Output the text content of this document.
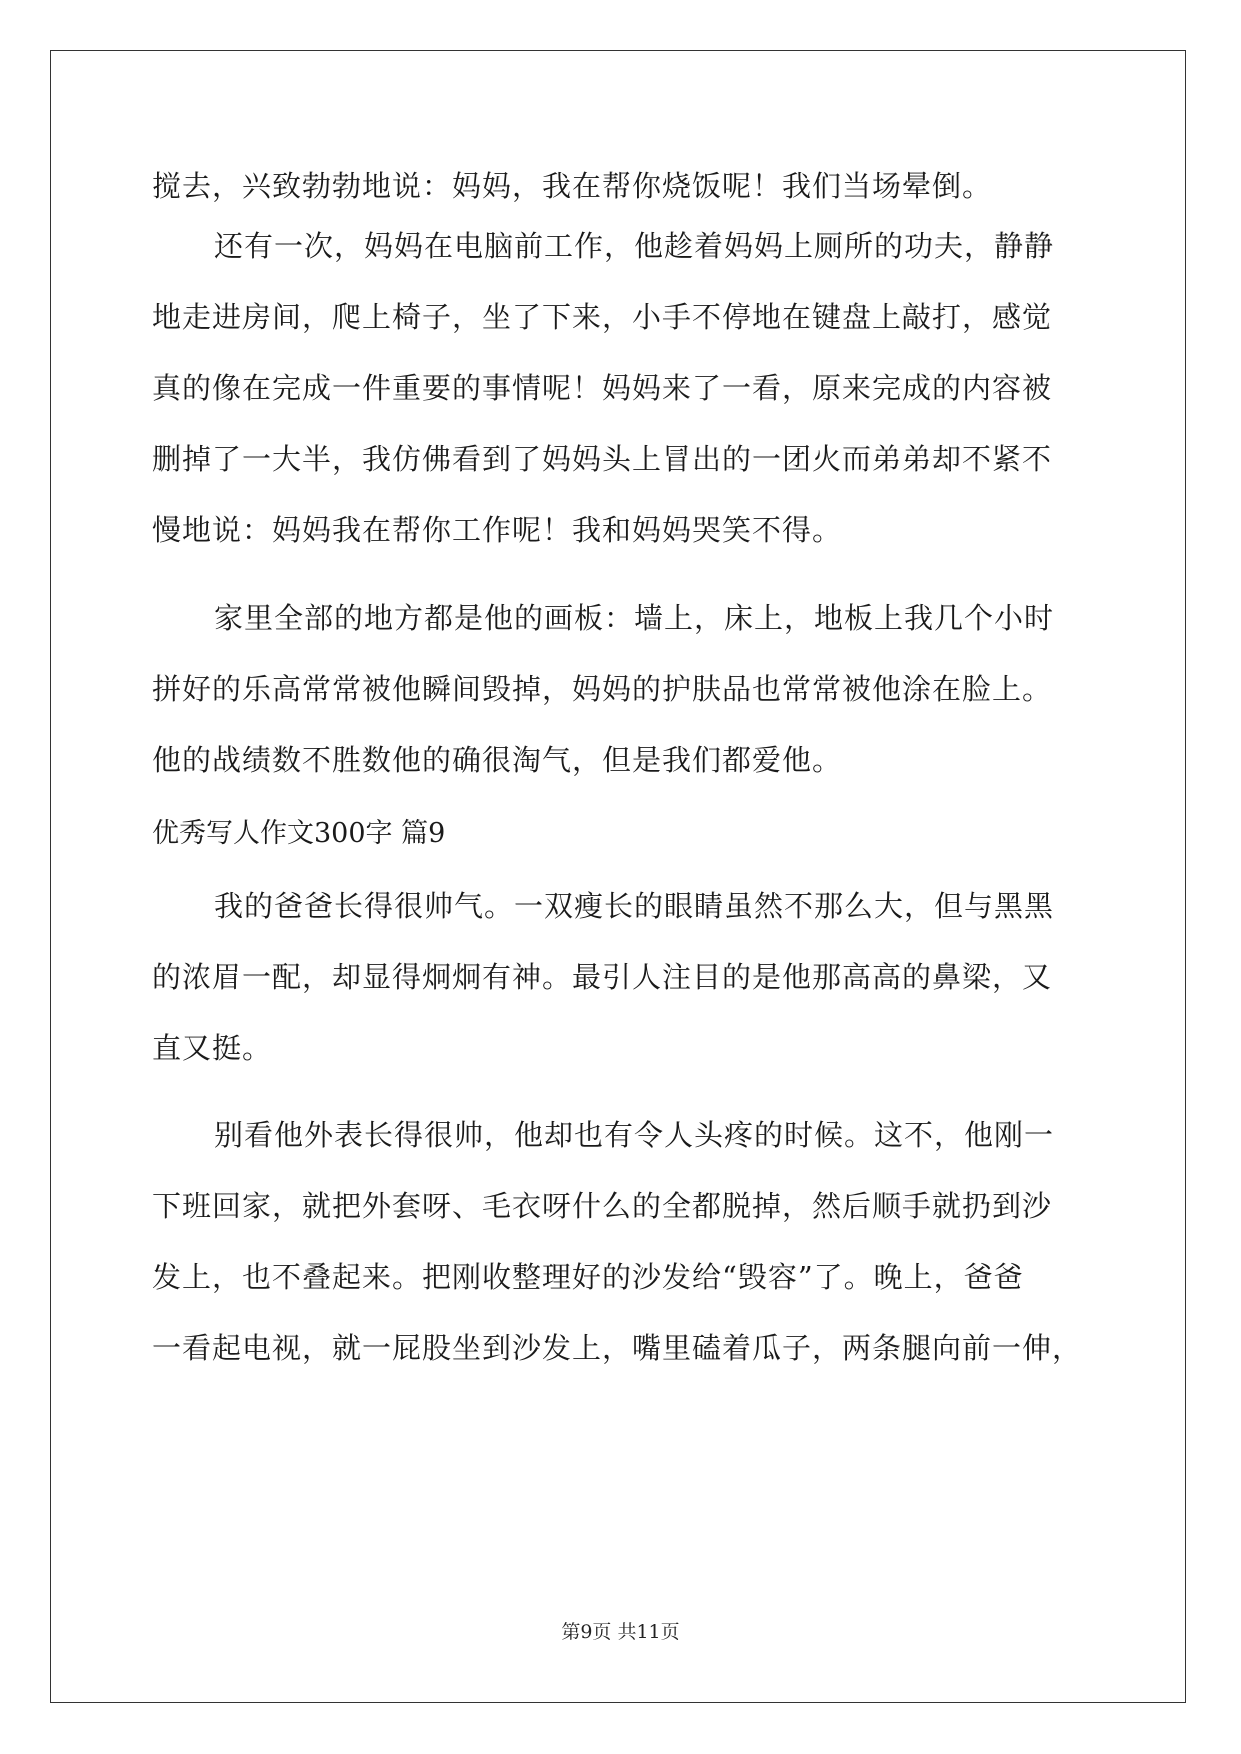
搅去，兴致勃勃地说：妈妈，我在帮你烧饭呢！我们当场晕倒。
还有一次，妈妈在电脑前工作，他趁着妈妈上厕所的功夫，静静
地走进房间，爬上椅子，坐了下来，小手不停地在键盘上敲打，感觉
真的像在完成一件重要的事情呢！妈妈来了一看，原来完成的内容被
删掉了一大半，我仿佛看到了妈妈头上冒出的一团火而弟弟却不紧不
慢地说：妈妈我在帮你工作呢！我和妈妈哭笑不得。
家里全部的地方都是他的画板：墙上，床上，地板上我几个小时
拼好的乐高常常被他瞬间毁掉，妈妈的护肤品也常常被他涂在脸上。
他的战绩数不胜数他的确很淘气，但是我们都爱他。
优秀写人作文300字 篇9
我的爸爸长得很帅气。一双瘦长的眼睛虽然不那么大，但与黑黑
的浓眉一配，却显得炯炯有神。最引人注目的是他那高高的鼻梁，又
直又挺。
别看他外表长得很帅，他却也有令人头疼的时候。这不，他刚一
下班回家，就把外套呀、毛衣呀什么的全都脱掉，然后顺手就扔到沙
发上，也不叠起来。把刚收整理好的沙发给“毁容”了。晚上，爸爸
一看起电视，就一屁股坐到沙发上，嘴里磕着瓜子，两条腿向前一伸，
第9页 共11页
